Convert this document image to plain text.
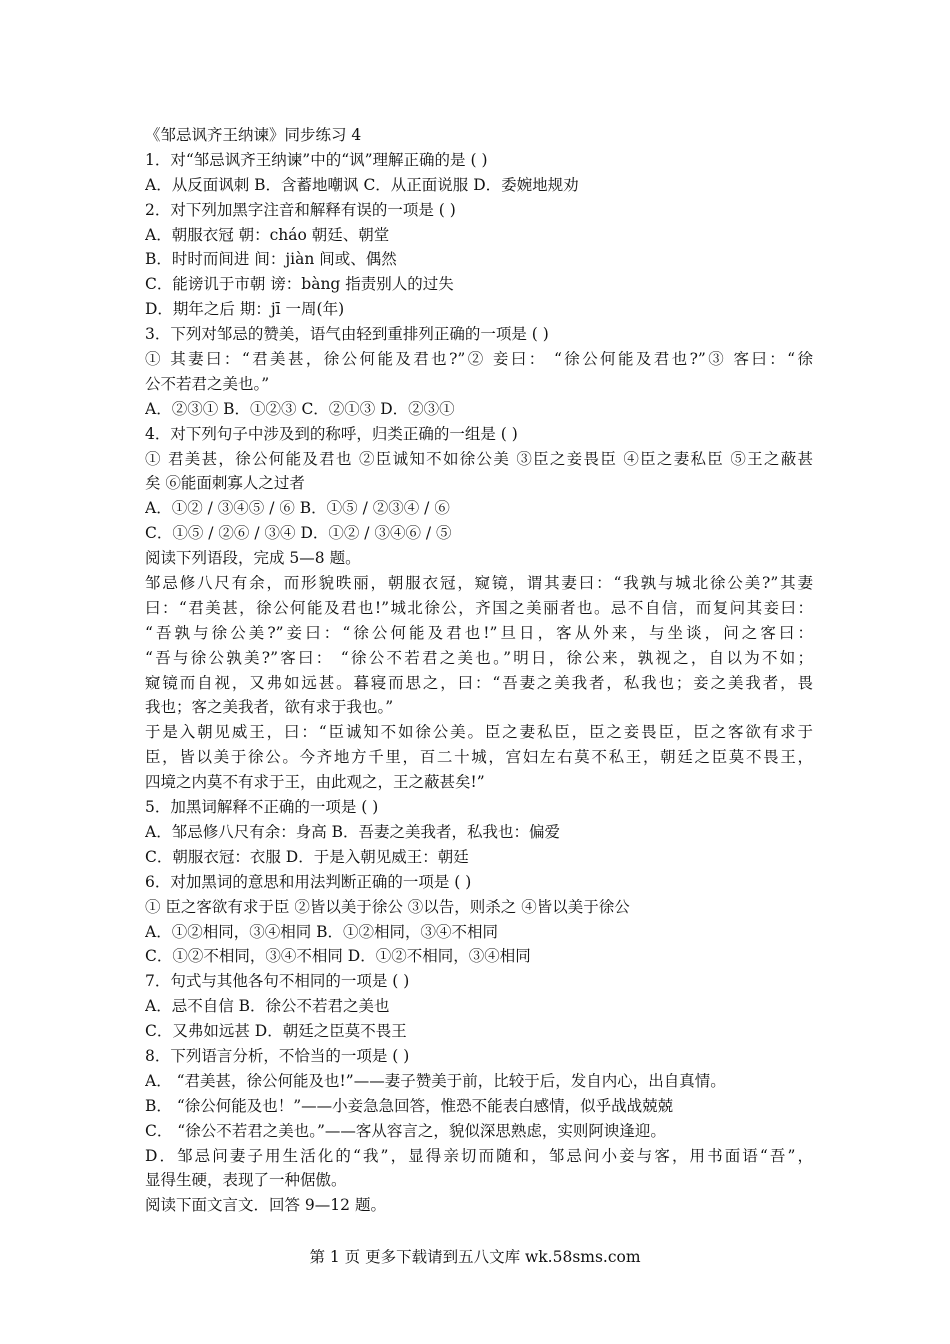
《邹忌讽齐王纳谏》同步练习 4
1．对“邹忌讽齐王纳谏”中的“讽”理解正确的是 ( )
A．从反面讽刺 B．含蓄地嘲讽 C．从正面说服 D．委婉地规劝
2．对下列加黑字注音和解释有误的一项是 ( )
A．朝服衣冠 朝：cháo 朝廷、朝堂
B．时时而间进 间：jiàn 间或、偶然
C．能谤讥于市朝 谤：bàng 指责别人的过失
D．期年之后 期：jī 一周(年)
3．下列对邹忌的赞美，语气由轻到重排列正确的一项是 ( )
① 其妻曰：“君美甚，徐公何能及君也?”② 妾曰： “徐公何能及君也?”③ 客曰：“徐
公不若君之美也。”
A．②③① B．①②③ C．②①③ D．②③①
4．对下列句子中涉及到的称呼，归类正确的一组是 ( )
① 君美甚，徐公何能及君也 ②臣诚知不如徐公美 ③臣之妾畏臣 ④臣之妻私臣 ⑤王之蔽甚
矣 ⑥能面刺寡人之过者
A．①② / ③④⑤ / ⑥ B．①⑤ / ②③④ / ⑥
C．①⑤ / ②⑥ / ③④ D．①② / ③④⑥ / ⑤
阅读下列语段，完成 5—8 题。
邹忌修八尺有余，而形貌昳丽，朝服衣冠，窥镜，谓其妻曰：“我孰与城北徐公美?”其妻
曰：“君美甚，徐公何能及君也!”城北徐公，齐国之美丽者也。忌不自信，而复问其妾曰：
“吾孰与徐公美?”妾曰：“徐公何能及君也!”旦日，客从外来，与坐谈，问之客曰：
“吾与徐公孰美?”客曰： “徐公不若君之美也。”明日，徐公来，孰视之，自以为不如；
窥镜而自视，又弗如远甚。暮寝而思之，曰：“吾妻之美我者，私我也；妾之美我者，畏
我也；客之美我者，欲有求于我也。”
于是入朝见威王，曰：“臣诚知不如徐公美。臣之妻私臣，臣之妾畏臣，臣之客欲有求于
臣，皆以美于徐公。今齐地方千里，百二十城，宫妇左右莫不私王，朝廷之臣莫不畏王，
四境之内莫不有求于王，由此观之，王之蔽甚矣!”
5．加黑词解释不正确的一项是 ( )
A．邹忌修八尺有余：身高 B．吾妻之美我者，私我也：偏爱
C．朝服衣冠：衣服 D．于是入朝见威王：朝廷
6．对加黑词的意思和用法判断正确的一项是 ( )
① 臣之客欲有求于臣 ②皆以美于徐公 ③以告，则杀之 ④皆以美于徐公
A．①②相同，③④相同 B．①②相同，③④不相同
C．①②不相同，③④不相同 D．①②不相同，③④相同
7．句式与其他各句不相同的一项是 ( )
A．忌不自信 B．徐公不若君之美也
C．又弗如远甚 D．朝廷之臣莫不畏王
8．下列语言分析，不恰当的一项是 ( )
A． “君美甚，徐公何能及也!”——妻子赞美于前，比较于后，发自内心，出自真情。
B． “徐公何能及也！”——小妾急急回答，惟恐不能表白感情，似乎战战兢兢
C． “徐公不若君之美也。”——客从容言之，貌似深思熟虑，实则阿谀逢迎。
D．邹忌问妻子用生活化的“我”，显得亲切而随和，邹忌问小妾与客，用书面语“吾”，
显得生硬，表现了一种倨傲。
阅读下面文言文．回答 9—12 题。
第 1 页 更多下载请到五八文库 wk.58sms.com
